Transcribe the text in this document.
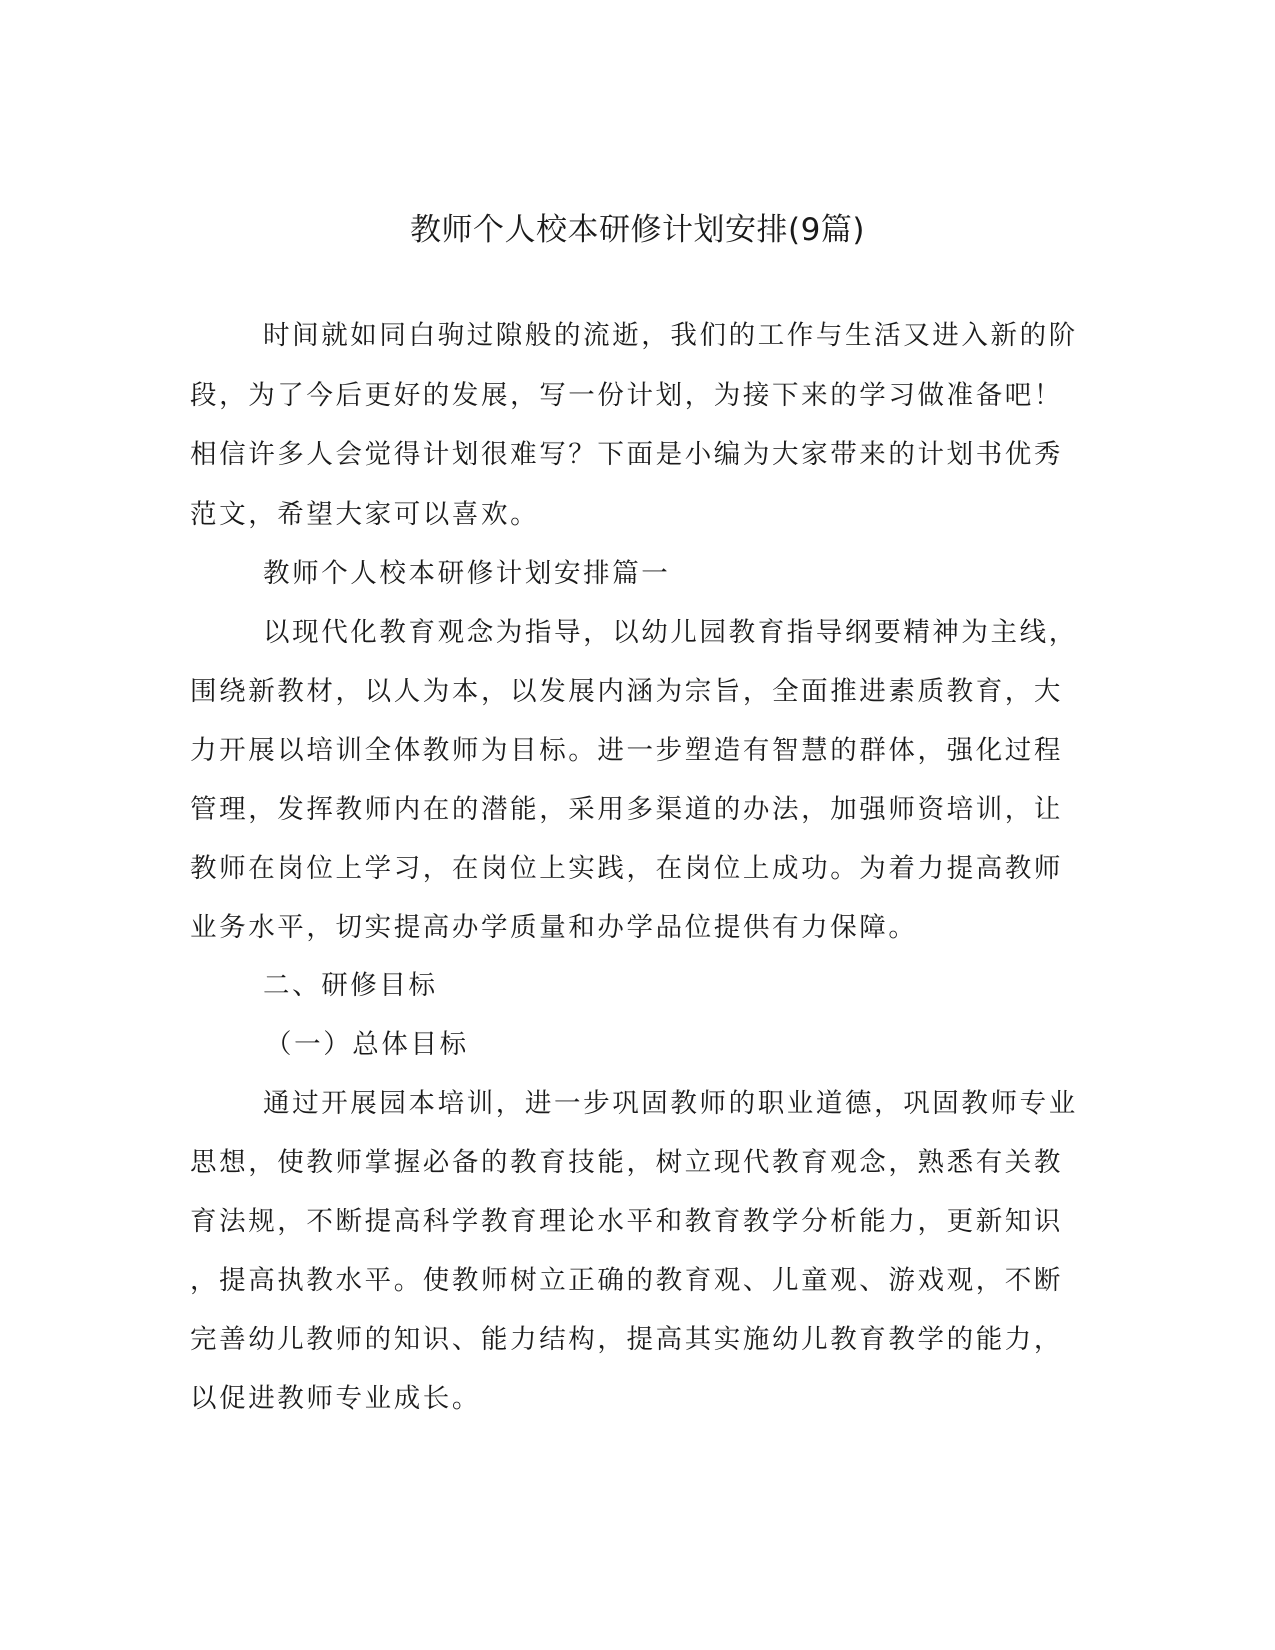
教师个人校本研修计划安排(9篇)
时间就如同白驹过隙般的流逝，我们的工作与生活又进入新的阶
段，为了今后更好的发展，写一份计划，为接下来的学习做准备吧！
相信许多人会觉得计划很难写？下面是小编为大家带来的计划书优秀
范文，希望大家可以喜欢。
教师个人校本研修计划安排篇一
以现代化教育观念为指导，以幼儿园教育指导纲要精神为主线，
围绕新教材，以人为本，以发展内涵为宗旨，全面推进素质教育，大
力开展以培训全体教师为目标。进一步塑造有智慧的群体，强化过程
管理，发挥教师内在的潜能，采用多渠道的办法，加强师资培训，让
教师在岗位上学习，在岗位上实践，在岗位上成功。为着力提高教师
业务水平，切实提高办学质量和办学品位提供有力保障。
二、研修目标
（一）总体目标
通过开展园本培训，进一步巩固教师的职业道德，巩固教师专业
思想，使教师掌握必备的教育技能，树立现代教育观念，熟悉有关教
育法规，不断提高科学教育理论水平和教育教学分析能力，更新知识
，提高执教水平。使教师树立正确的教育观、儿童观、游戏观，不断
完善幼儿教师的知识、能力结构，提高其实施幼儿教育教学的能力，
以促进教师专业成长。
